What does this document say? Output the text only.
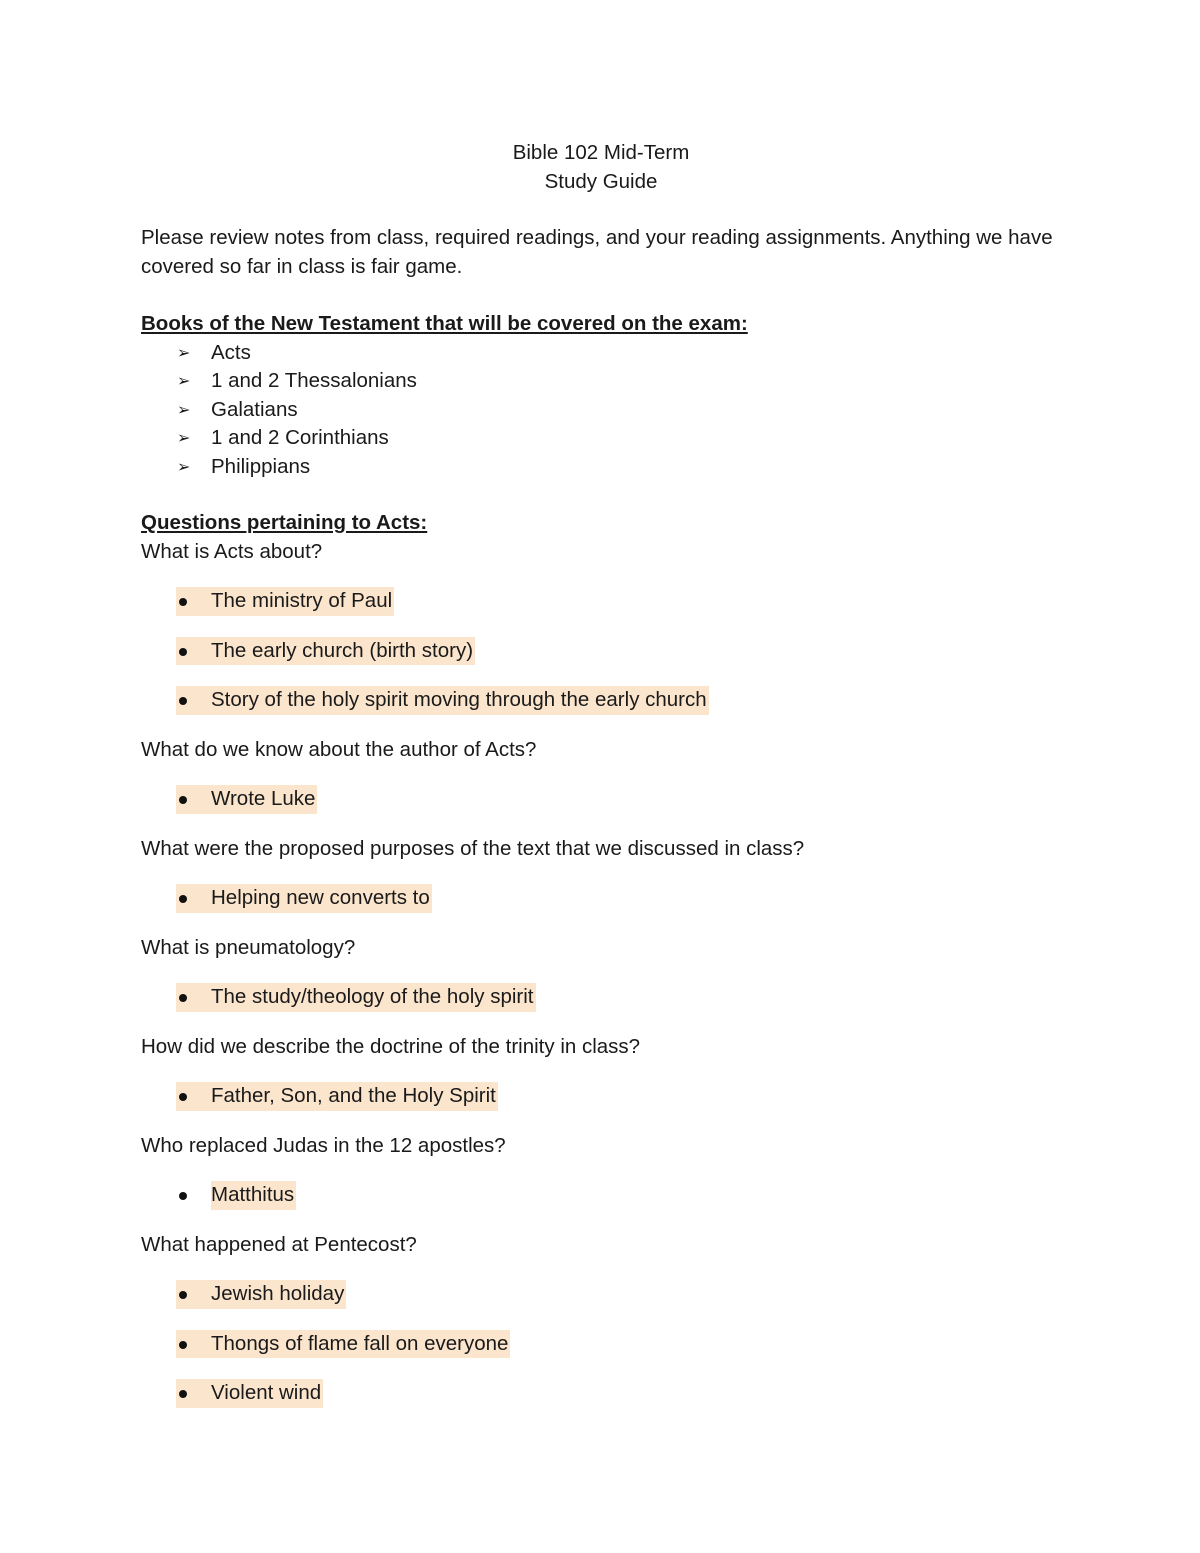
Bible 102 Mid-Term

Study Guide

Please review notes from class, required readings, and your reading assignments. Anything we have covered so far in class is fair game.

Books of the New Testament that will be covered on the exam:

➢ Acts
➢ 1 and 2 Thessalonians
➢ Galatians
➢ 1 and 2 Corinthians
➢ Philippians

Questions pertaining to Acts:

What is Acts about?

The ministry of Paul
The early church (birth story)
Story of the holy spirit moving through the early church

What do we know about the author of Acts?

Wrote Luke

What were the proposed purposes of the text that we discussed in class?

Helping new converts to

What is pneumatology?

The study/theology of the holy spirit

How did we describe the doctrine of the trinity in class?

Father, Son, and the Holy Spirit

Who replaced Judas in the 12 apostles?

Matthitus

What happened at Pentecost?

Jewish holiday
Thongs of flame fall on everyone
Violent wind
